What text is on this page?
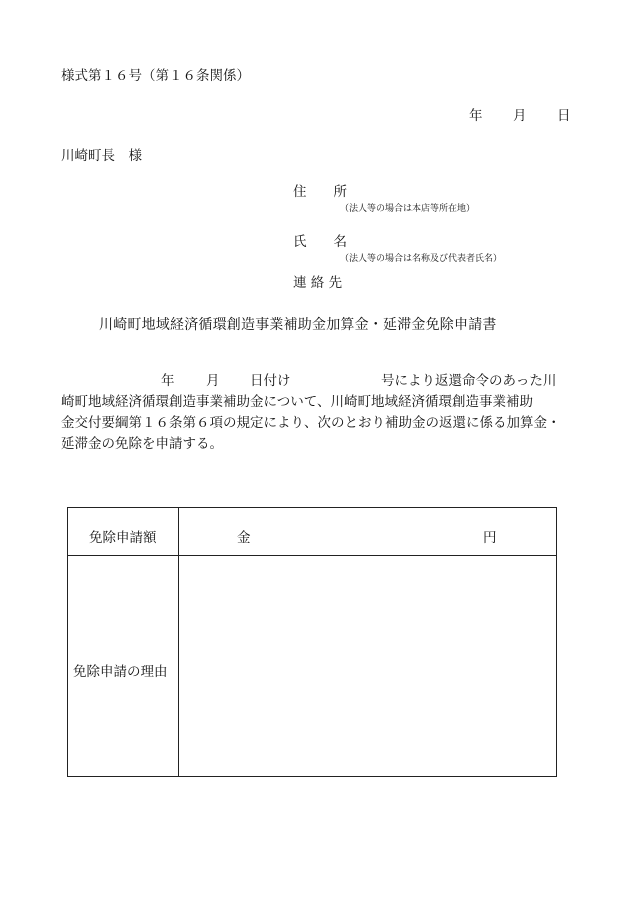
様式第１６号（第１６条関係）
年 月 日
川崎町長　様
住　　所
（法人等の場合は本店等所在地）
氏　　名
（法人等の場合は名称及び代表者氏名）
連 絡 先
川崎町地域経済循環創造事業補助金加算金・延滞金免除申請書
年 月 日付け	号により返還命令のあった川
崎町地域経済循環創造事業補助金について、川崎町地域経済循環創造事業補助
金交付要綱第１６条第６項の規定により、次のとおり補助金の返還に係る加算金・
延滞金の免除を申請する。
免除申請額	金	円
免除申請の理由
